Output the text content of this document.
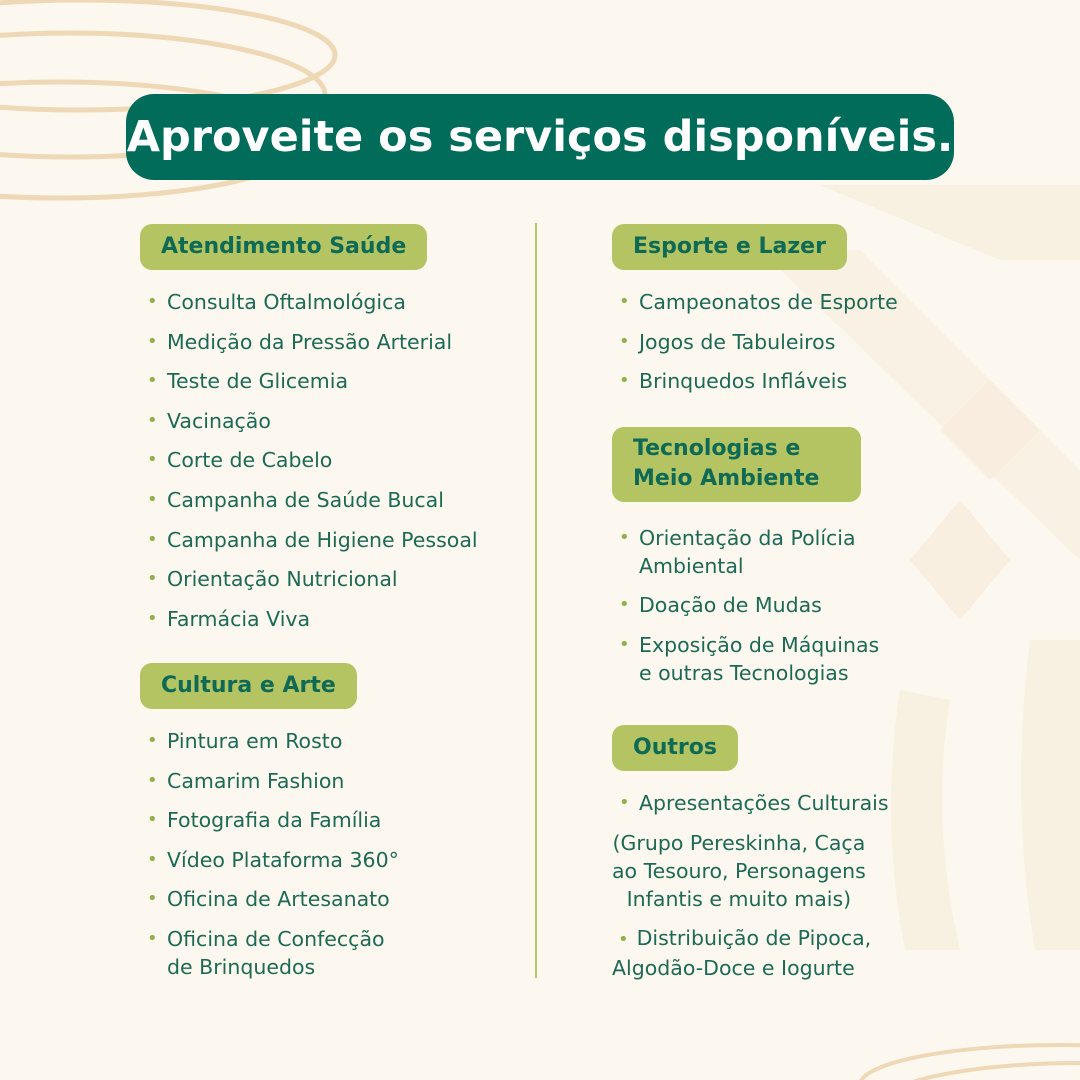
Aproveite os serviços disponíveis.
Atendimento Saúde
• Consulta Oftalmológica
• Medição da Pressão Arterial
• Teste de Glicemia
• Vacinação
• Corte de Cabelo
• Campanha de Saúde Bucal
• Campanha de Higiene Pessoal
• Orientação Nutricional
• Farmácia Viva
Cultura e Arte
• Pintura em Rosto
• Camarim Fashion
• Fotografia da Família
• Vídeo Plataforma 360°
• Oficina de Artesanato
• Oficina de Confecção
de Brinquedos
Esporte e Lazer
• Campeonatos de Esporte
• Jogos de Tabuleiros
• Brinquedos Infláveis
Tecnologias e
Meio Ambiente
• Orientação da Polícia
Ambiental
• Doação de Mudas
• Exposição de Máquinas
e outras Tecnologias
Outros
• Apresentações Culturais
(Grupo Pereskinha, Caça
ao Tesouro, Personagens
Infantis e muito mais)
• Distribuição de Pipoca,
Algodão-Doce e Iogurte
